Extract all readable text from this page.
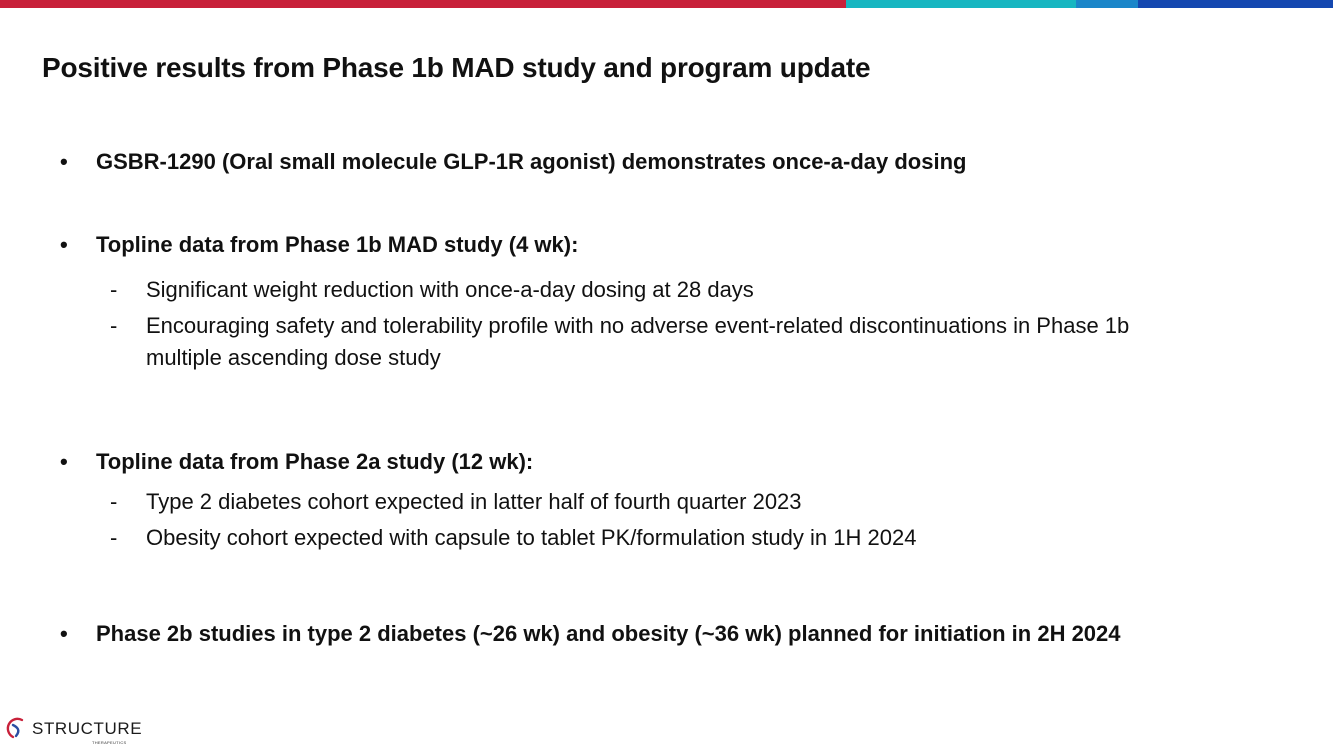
Positive results from Phase 1b MAD study and program update
• GSBR-1290 (Oral small molecule GLP-1R agonist) demonstrates once-a-day dosing
• Topline data from Phase 1b MAD study (4 wk):
- Significant weight reduction with once-a-day dosing at 28 days
- Encouraging safety and tolerability profile with no adverse event-related discontinuations in Phase 1b multiple ascending dose study
• Topline data from Phase 2a study (12 wk):
- Type 2 diabetes cohort expected in latter half of fourth quarter 2023
- Obesity cohort expected with capsule to tablet PK/formulation study in 1H 2024
• Phase 2b studies in type 2 diabetes (~26 wk) and obesity (~36 wk) planned for initiation in 2H 2024
STRUCTURE
THERAPEUTICS
